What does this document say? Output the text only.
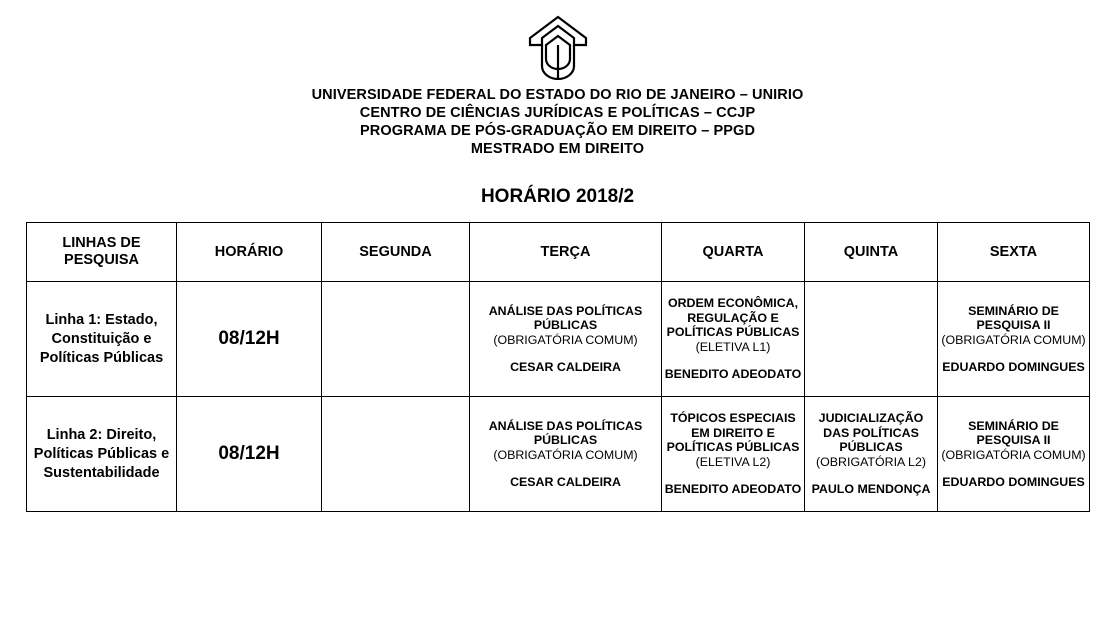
UNIVERSIDADE FEDERAL DO ESTADO DO RIO DE JANEIRO – UNIRIO
CENTRO DE CIÊNCIAS JURÍDICAS E POLÍTICAS – CCJP
PROGRAMA DE PÓS-GRADUAÇÃO EM DIREITO – PPGD
MESTRADO EM DIREITO
HORÁRIO 2018/2
LINHAS DE PESQUISA	HORÁRIO	SEGUNDA	TERÇA	QUARTA	QUINTA	SEXTA
Linha 1: Estado, Constituição e Políticas Públicas	08/12H		ANÁLISE DAS POLÍTICAS PÚBLICAS
(OBRIGATÓRIA COMUM)
CESAR CALDEIRA	ORDEM ECONÔMICA, REGULAÇÃO E POLÍTICAS PÚBLICAS
(ELETIVA L1)
BENEDITO ADEODATO		SEMINÁRIO DE PESQUISA II
(OBRIGATÓRIA COMUM)
EDUARDO DOMINGUES

Linha 2: Direito, Políticas Públicas e Sustentabilidade	08/12H		ANÁLISE DAS POLÍTICAS PÚBLICAS
(OBRIGATÓRIA COMUM)
CESAR CALDEIRA	TÓPICOS ESPECIAIS EM DIREITO E POLÍTICAS PÚBLICAS
(ELETIVA L2)
BENEDITO ADEODATO	JUDICIALIZAÇÃO DAS POLÍTICAS PÚBLICAS
(OBRIGATÓRIA L2)
PAULO MENDONÇA	SEMINÁRIO DE PESQUISA II
(OBRIGATÓRIA COMUM)
EDUARDO DOMINGUES
